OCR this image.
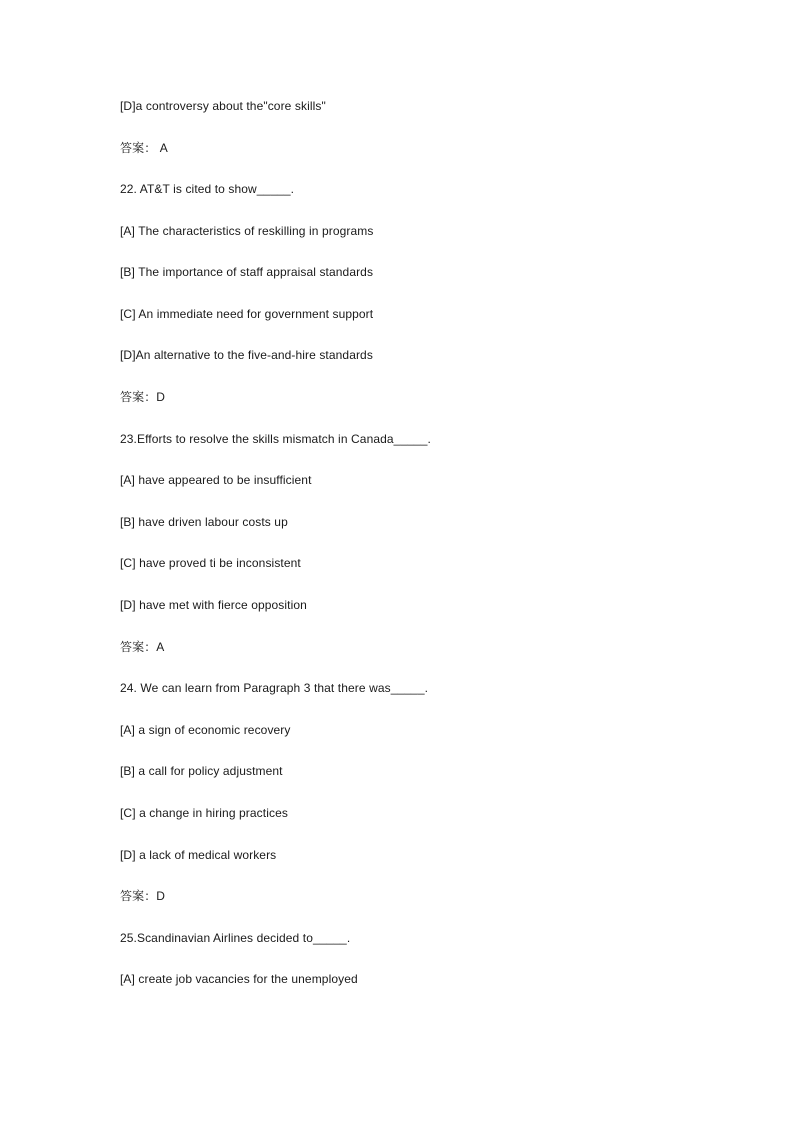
[D]a controversy about the"core skills"
答案： A
22. AT&T is cited to show_____.
[A] The characteristics of reskilling in programs
[B] The importance of staff appraisal standards
[C] An immediate need for government support
[D]An alternative to the five-and-hire standards
答案：D
23.Efforts to resolve the skills mismatch in Canada_____.
[A] have appeared to be insufficient
[B] have driven labour costs up
[C] have proved ti be inconsistent
[D] have met with fierce opposition
答案：A
24. We can learn from Paragraph 3 that there was_____.
[A] a sign of economic recovery
[B] a call for policy adjustment
[C] a change in hiring practices
[D] a lack of medical workers
答案：D
25.Scandinavian Airlines decided to_____.
[A] create job vacancies for the unemployed
